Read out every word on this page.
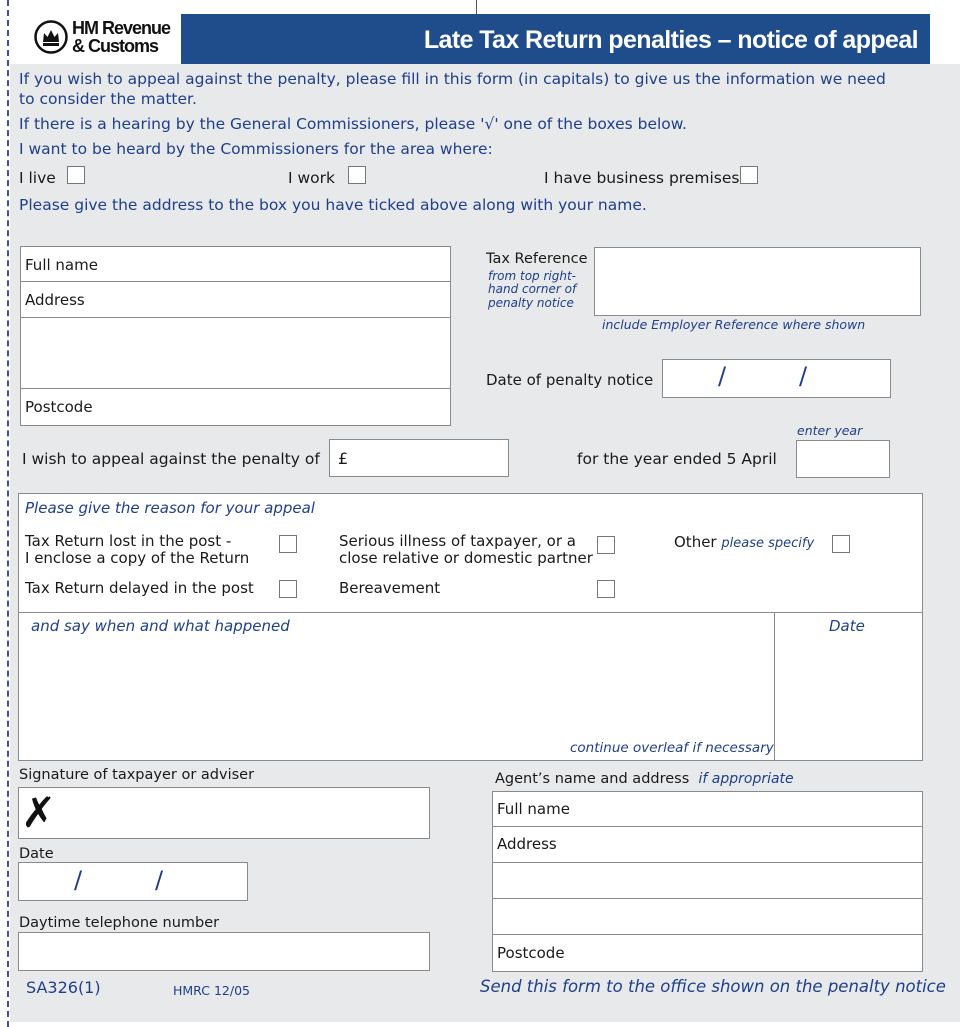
HM Revenue
& Customs	Late Tax Return penalties – notice of appeal
If you wish to appeal against the penalty, please fill in this form (in capitals) to give us the information we need to consider the matter.
If there is a hearing by the General Commissioners, please '√' one of the boxes below.
I want to be heard by the Commissioners for the area where:
I live	I work	I have business premises
Please give the address to the box you have ticked above along with your name.
Full name
Address
Postcode
Tax Reference
from top right-
hand corner of
penalty notice
include Employer Reference where shown
Date of penalty notice	/	/
I wish to appeal against the penalty of £	for the year ended 5 April
enter year
Please give the reason for your appeal
Tax Return lost in the post -
I enclose a copy of the Return
Serious illness of taxpayer, or a
close relative or domestic partner
Other please specify
Tax Return delayed in the post	Bereavement
and say when and what happened
continue overleaf if necessary
Date
Signature of taxpayer or adviser
✗
Date
/	/
Daytime telephone number
Agent’s name and address if appropriate
Full name
Address
Postcode
SA326(1)	HMRC 12/05	Send this form to the office shown on the penalty notice
